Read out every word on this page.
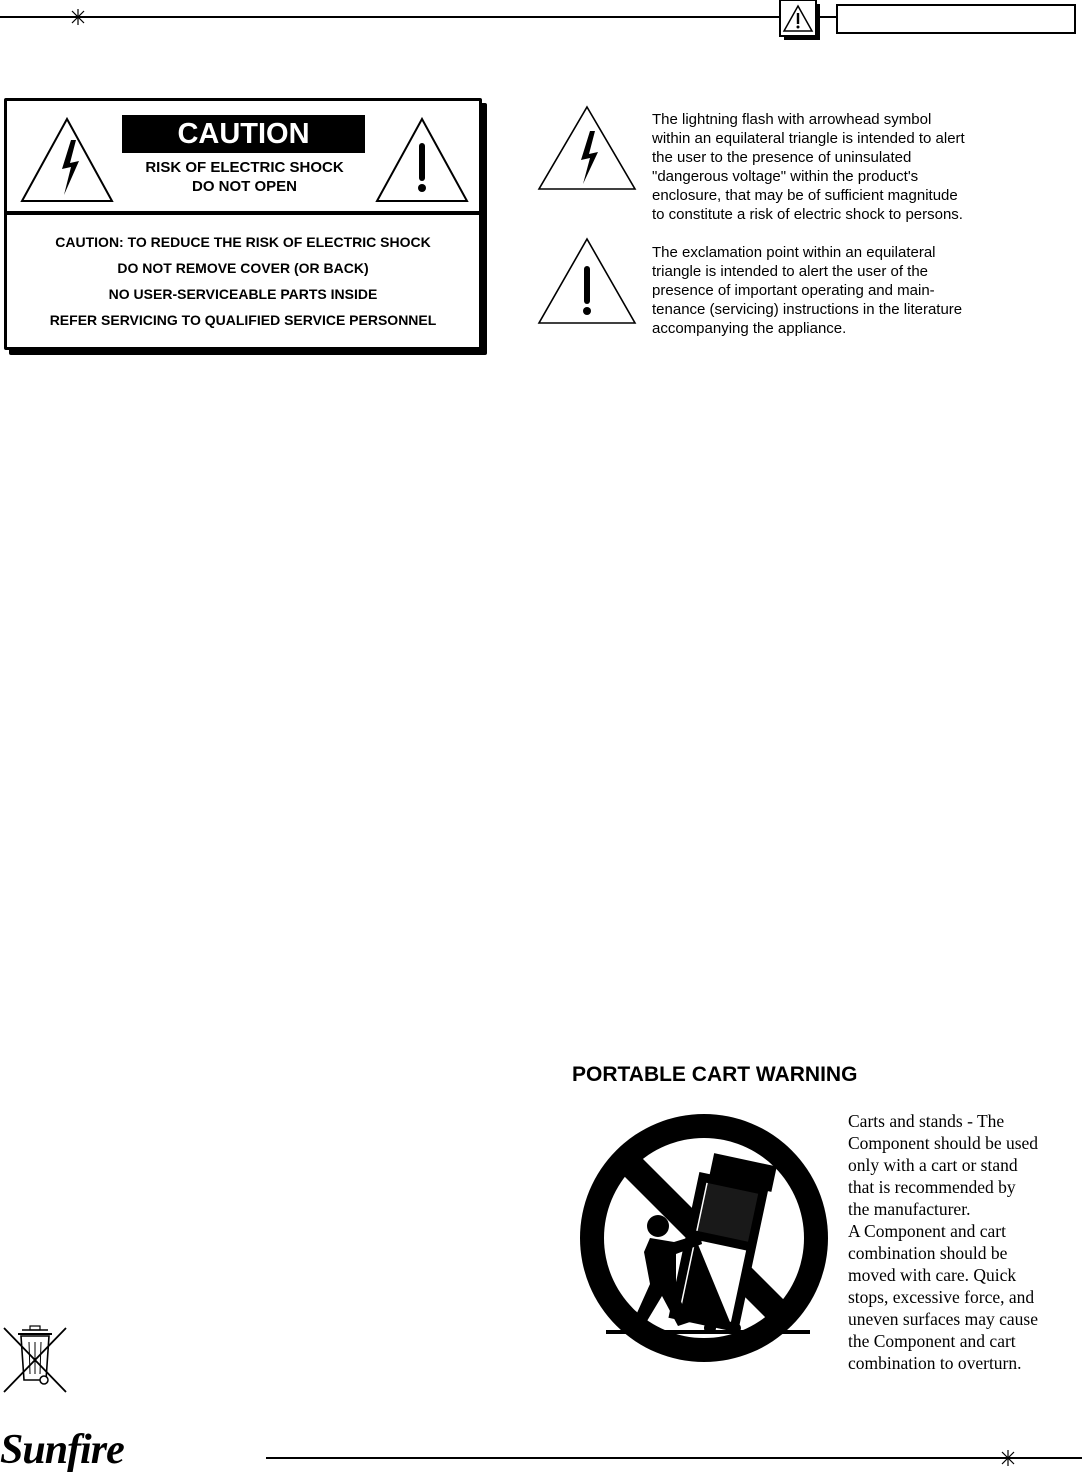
CAUTION
RISK OF ELECTRIC SHOCK
DO NOT OPEN
CAUTION: TO REDUCE THE RISK OF ELECTRIC SHOCK
DO NOT REMOVE COVER (OR BACK)
NO USER-SERVICEABLE PARTS INSIDE
REFER SERVICING TO QUALIFIED SERVICE PERSONNEL
The lightning flash with arrowhead symbol
within an equilateral triangle is intended to alert
the user to the presence of uninsulated
"dangerous voltage" within the product's
enclosure, that may be of sufficient magnitude
to constitute a risk of electric shock to persons.
The exclamation point within an equilateral
triangle is intended to alert the user of the
presence of important operating and main-
tenance (servicing) instructions in the literature
accompanying the appliance.
PORTABLE CART WARNING
Carts and stands - The
Component should be used
only with a cart or stand
that is recommended by
the manufacturer.
A Component and cart
combination should be
moved with care. Quick
stops, excessive force, and
uneven surfaces may cause
the Component and cart
combination to overturn.
Sunfire
